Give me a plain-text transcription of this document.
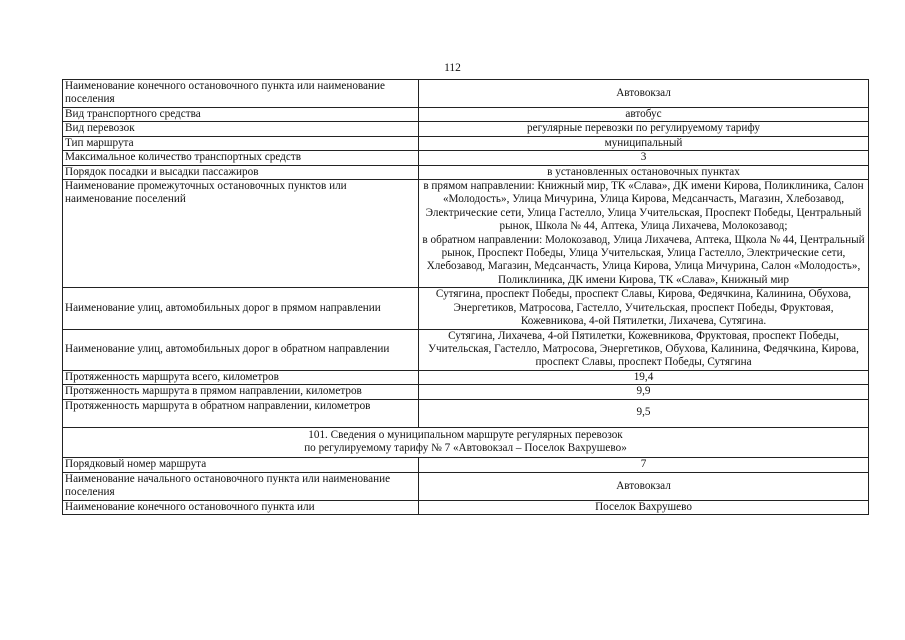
112
Наименование конечного остановочного пункта или наименование поселения	Автовокзал
Вид транспортного средства	автобус
Вид перевозок	регулярные перевозки по регулируемому тарифу
Тип маршрута	муниципальный
Максимальное количество транспортных средств	3
Порядок посадки и высадки пассажиров	в установленных остановочных пунктах
Наименование промежуточных остановочных пунктов или наименование поселений	в прямом направлении: Книжный мир, ТК «Слава», ДК имени Кирова, Поликлиника, Салон «Молодость», Улица Мичурина, Улица Кирова, Медсанчасть, Магазин, Хлебозавод, Электрические сети, Улица Гастелло, Улица Учительская, Проспект Победы, Центральный рынок, Школа № 44, Аптека, Улица Лихачева, Молокозавод;
в обратном направлении: Молокозавод, Улица Лихачева, Аптека, Щкола № 44, Центральный рынок, Проспект Победы, Улица Учительская, Улица Гастелло, Электрические сети, Хлебозавод, Магазин, Медсанчасть, Улица Кирова, Улица Мичурина, Салон «Молодость», Поликлиника, ДК имени Кирова, ТК «Слава», Книжный мир

Наименование улиц, автомобильных дорог в прямом направлении	Сутягина, проспект Победы, проспект Славы, Кирова, Федячкина, Калинина, Обухова, Энергетиков, Матросова, Гастелло, Учительская, проспект Победы, Фруктовая, Кожевникова, 4-ой Пятилетки, Лихачева, Сутягина.
Наименование улиц, автомобильных дорог в обратном направлении	Сутягина, Лихачева, 4-ой Пятилетки, Кожевникова, Фруктовая, проспект Победы, Учительская, Гастелло, Матросова, Энергетиков, Обухова, Калинина, Федячкина, Кирова, проспект Славы, проспект Победы, Сутягина
Протяженность маршрута всего, километров	19,4
Протяженность маршрута в прямом направлении, километров	9,9
Протяженность маршрута в обратном направлении, километров	9,5

101. Сведения о муниципальном маршруте регулярных перевозок
по регулируемому тарифу № 7 «Автовокзал – Поселок Вахрушево»	

Порядковый номер маршрута	7
Наименование начального остановочного пункта или наименование поселения	Автовокзал
Наименование конечного остановочного пункта или	Поселок Вахрушево
